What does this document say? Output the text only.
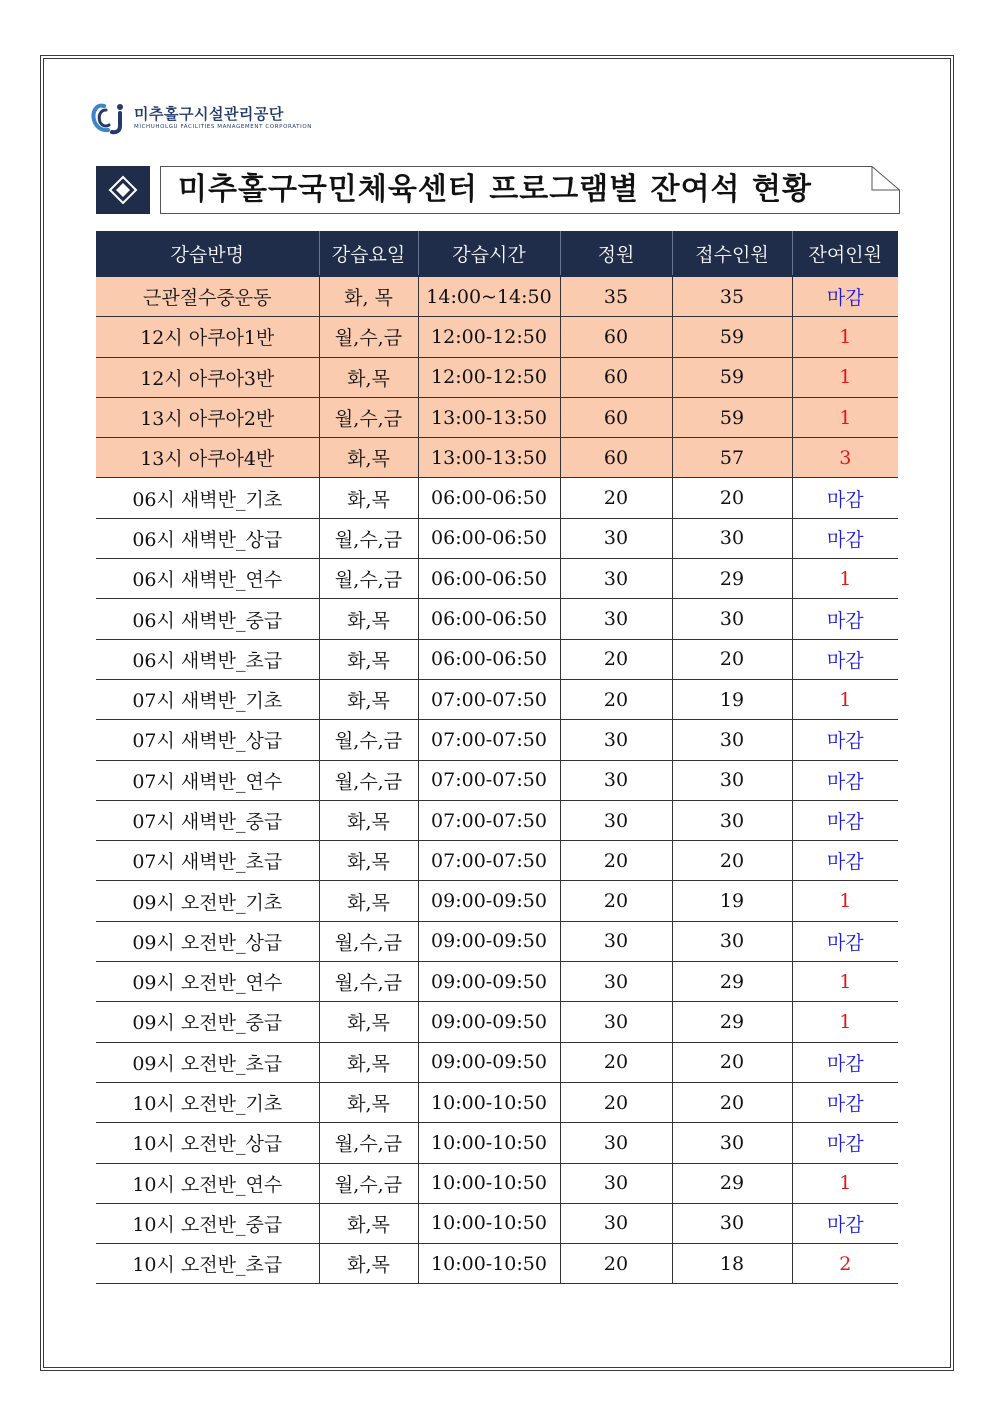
미추홀구시설관리공단
MICHUHOLGU FACILITIES MANAGEMENT CORPORATION
미추홀구국민체육센터 프로그램별 잔여석 현황
강습반명	강습요일	강습시간	정원	접수인원	잔여인원
근관절수중운동	화, 목	14:00~14:50	35	35	마감
12시 아쿠아1반	월,수,금	12:00-12:50	60	59	1
12시 아쿠아3반	화,목	12:00-12:50	60	59	1
13시 아쿠아2반	월,수,금	13:00-13:50	60	59	1
13시 아쿠아4반	화,목	13:00-13:50	60	57	3
06시 새벽반_기초	화,목	06:00-06:50	20	20	마감
06시 새벽반_상급	월,수,금	06:00-06:50	30	30	마감
06시 새벽반_연수	월,수,금	06:00-06:50	30	29	1
06시 새벽반_중급	화,목	06:00-06:50	30	30	마감
06시 새벽반_초급	화,목	06:00-06:50	20	20	마감
07시 새벽반_기초	화,목	07:00-07:50	20	19	1
07시 새벽반_상급	월,수,금	07:00-07:50	30	30	마감
07시 새벽반_연수	월,수,금	07:00-07:50	30	30	마감
07시 새벽반_중급	화,목	07:00-07:50	30	30	마감
07시 새벽반_초급	화,목	07:00-07:50	20	20	마감
09시 오전반_기초	화,목	09:00-09:50	20	19	1
09시 오전반_상급	월,수,금	09:00-09:50	30	30	마감
09시 오전반_연수	월,수,금	09:00-09:50	30	29	1
09시 오전반_중급	화,목	09:00-09:50	30	29	1
09시 오전반_초급	화,목	09:00-09:50	20	20	마감
10시 오전반_기초	화,목	10:00-10:50	20	20	마감
10시 오전반_상급	월,수,금	10:00-10:50	30	30	마감
10시 오전반_연수	월,수,금	10:00-10:50	30	29	1
10시 오전반_중급	화,목	10:00-10:50	30	30	마감
10시 오전반_초급	화,목	10:00-10:50	20	18	2
